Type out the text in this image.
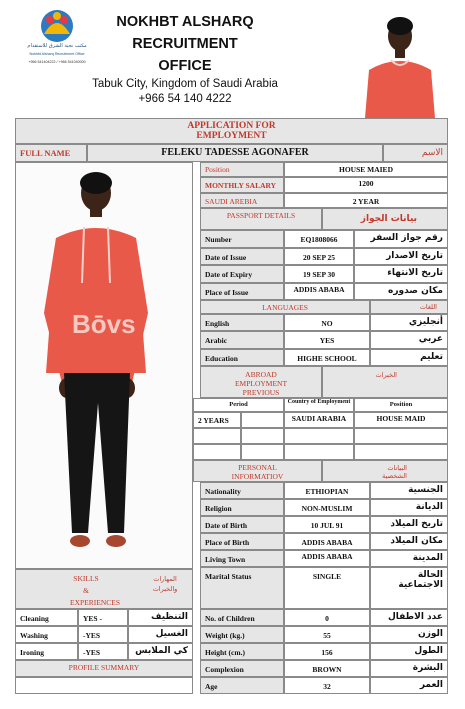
مكتب نخبة الشرق للاستقدام
Nokhbt Alsharq Recruitment Office
+966 541404222 / +966 541040000
NOKHBT ALSHARQ
RECRUITMENT
OFFICE
Tabuk City, Kingdom of Saudi Arabia
+966 54 140 4222
APPLICATION FOR
EMPLOYMENT
FULL NAME	FELEKU TADESSE AGONAFER	الاسم
Bōvs
Position	HOUSE MAIED
MONTHLY SALARY	1200
SAUDI AREBIA	2 YEAR
PASSPORT DETAILS	بيانات الجواز
Number	EQ1808066	رقم جواز السفر
Date of Issue	20 SEP 25	تاريخ الاصدار
Date of Expiry	19 SEP 30	تاريخ الانتهاء
Place of Issue	ADDIS ABABA	مكان صدوره
LANGUAGES	اللغات
English	NO	أنجليزي
Arabic	YES	عربي
Education	HIGHE SCHOOL	تعليم
ABROAD EMPLOYMENT PREVIOUS
الخبرات
Period	Country of Employment	Position
2 YEARS	SAUDI ARABIA	HOUSE MAID
PERSONAL INFORMATIOV
البيانات الشخصية
Nationality	ETHIOPIAN	الجنسية
Religion	NON-MUSLIM	الديانة
Date of Birth	10 JUL 91	تاريخ الميلاد
Place of Birth	ADDIS ABABA	مكان الميلاد
Living Town	ADDIS ABABA	المدينة
Marital Status	SINGLE	الحالة الاجتماعية
No. of Children	0	عدد الاطفال
Weight (kg.)	55	الوزن
Height (cm.)	156	الطول
Complexion	BROWN	البشرة
Age	32	العمر
SKILLS & EXPERIENCES
المهارات والخبرات
Cleaning	YES -	التنظيف
Washing	-YES	الغسيل
Ironing	-YES	كي الملابس
PROFILE SUMMARY
